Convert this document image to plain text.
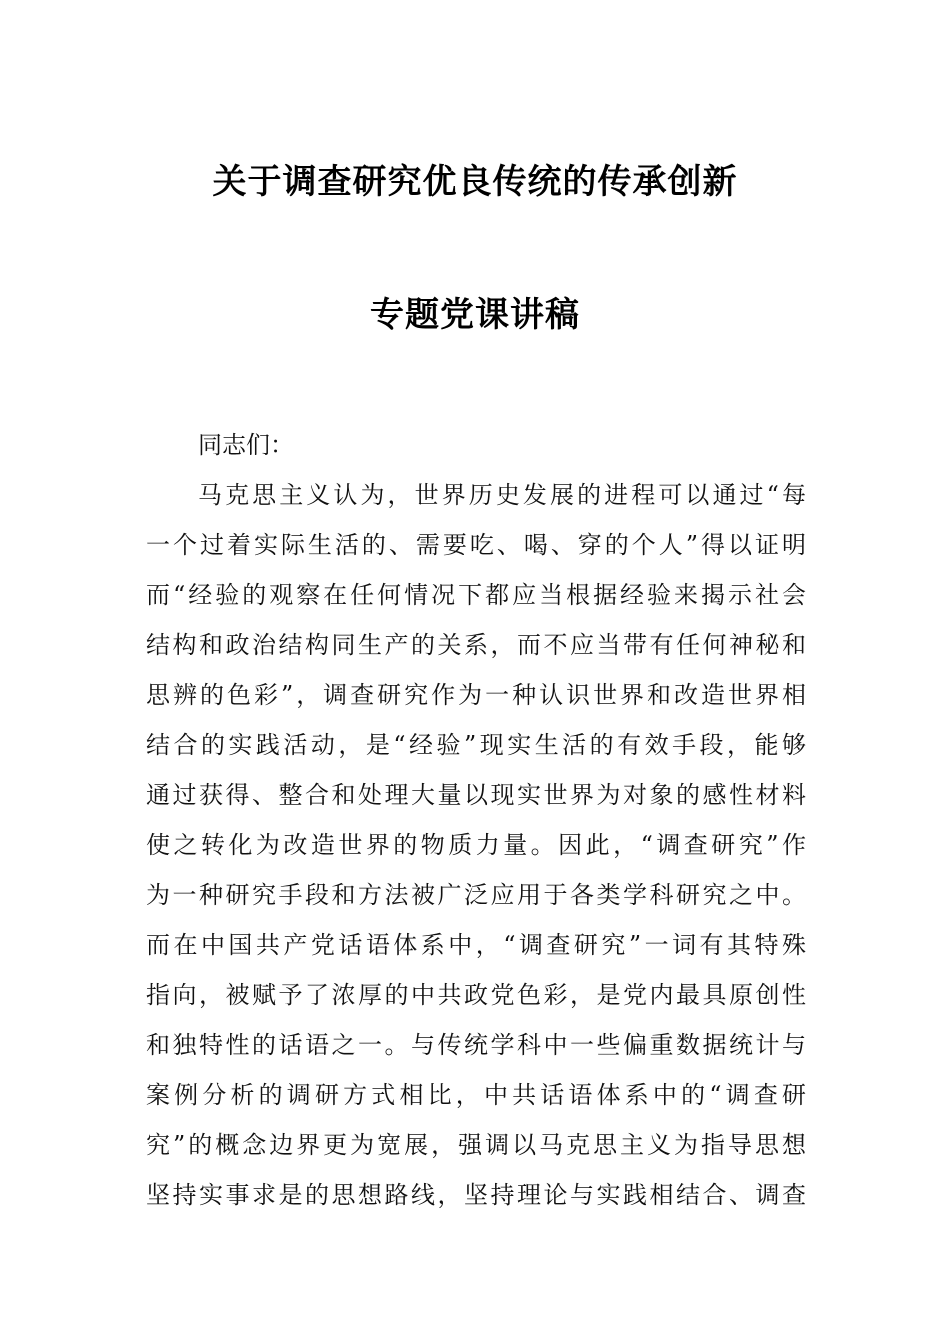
关于调查研究优良传统的传承创新
专题党课讲稿
同志们：
马克思主义认为，世界历史发展的进程可以通过“每
一个过着实际生活的、需要吃、喝、穿的个人”得以证明
而“经验的观察在任何情况下都应当根据经验来揭示社会
结构和政治结构同生产的关系，而不应当带有任何神秘和
思辨的色彩”，调查研究作为一种认识世界和改造世界相
结合的实践活动，是“经验”现实生活的有效手段，能够
通过获得、整合和处理大量以现实世界为对象的感性材料
使之转化为改造世界的物质力量。因此，“调查研究”作
为一种研究手段和方法被广泛应用于各类学科研究之中。
而在中国共产党话语体系中，“调查研究”一词有其特殊
指向，被赋予了浓厚的中共政党色彩，是党内最具原创性
和独特性的话语之一。与传统学科中一些偏重数据统计与
案例分析的调研方式相比，中共话语体系中的“调查研
究”的概念边界更为宽展，强调以马克思主义为指导思想
坚持实事求是的思想路线，坚持理论与实践相结合、调查
